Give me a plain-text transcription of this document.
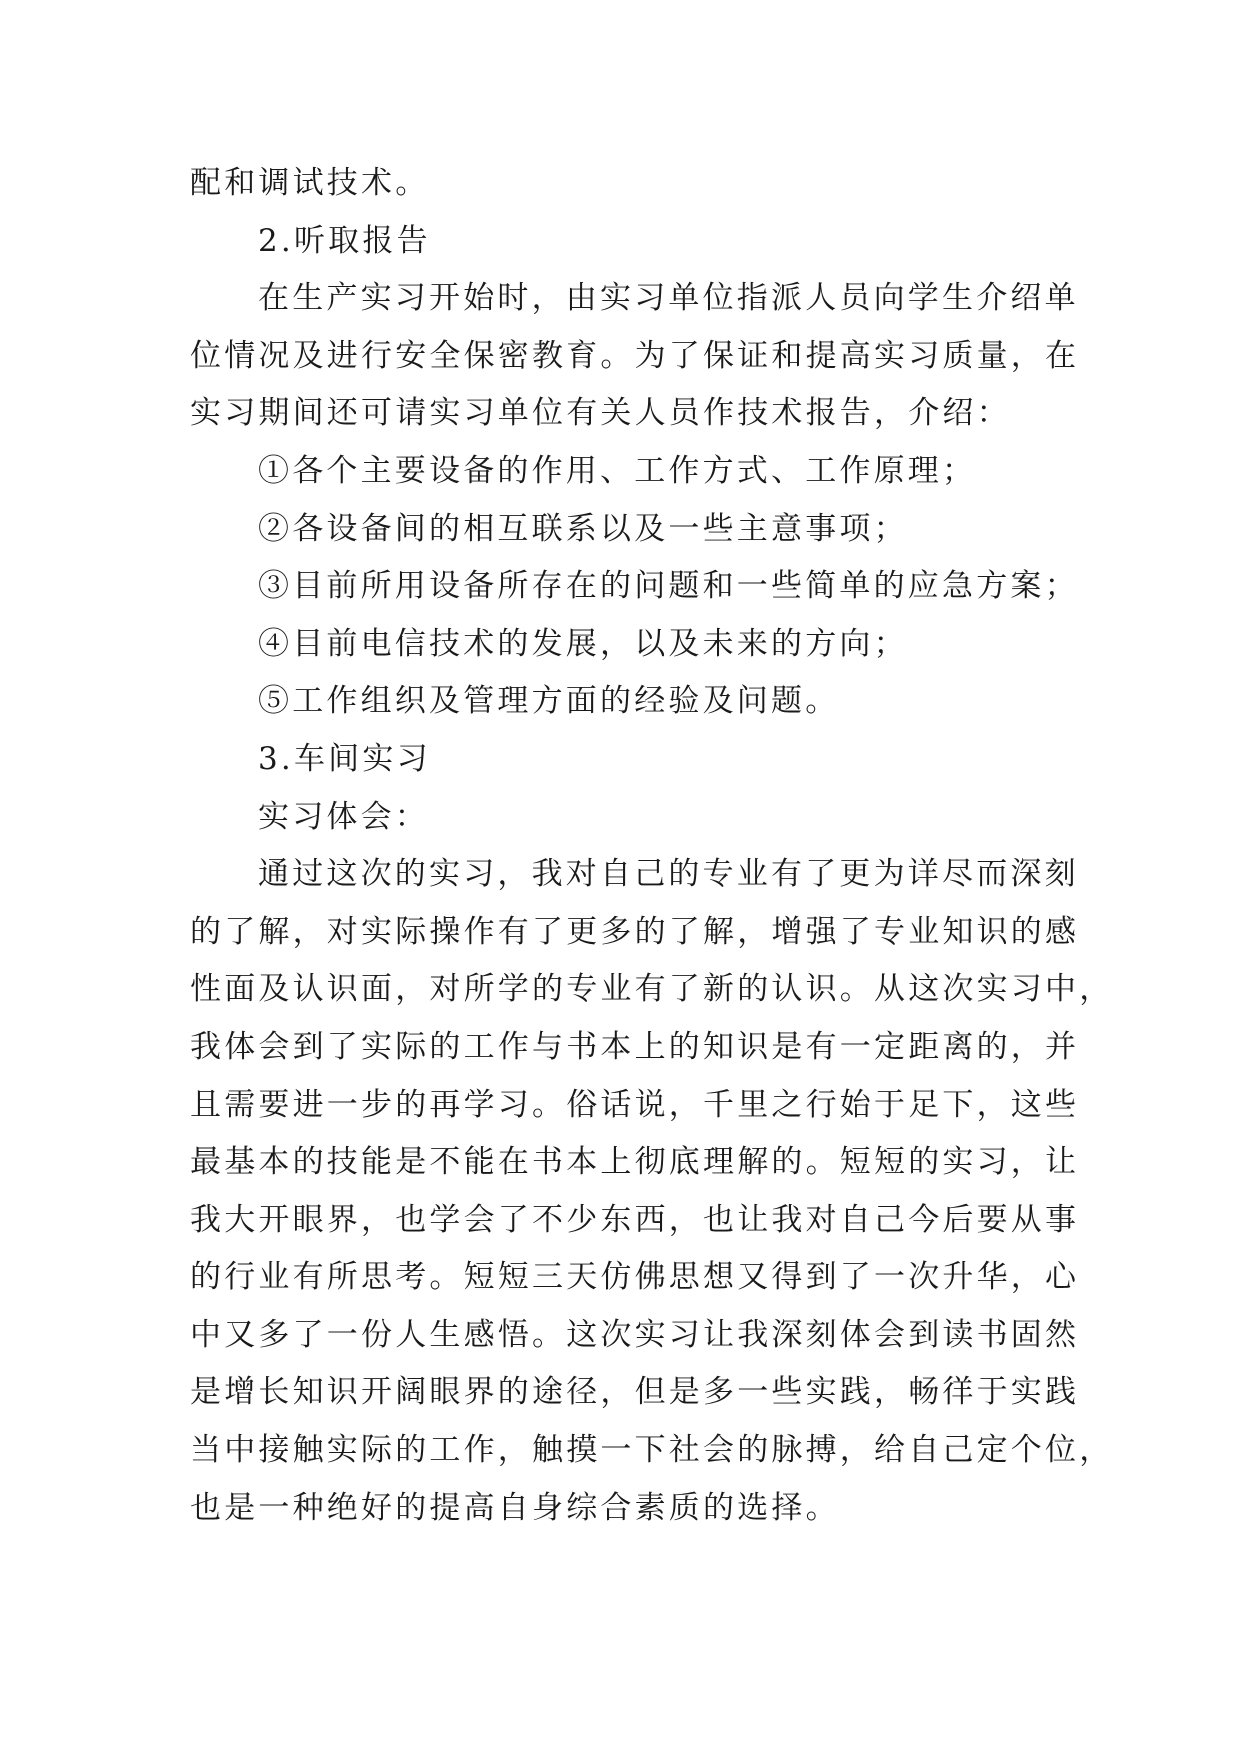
配和调试技术。
2.听取报告
在生产实习开始时，由实习单位指派人员向学生介绍单
位情况及进行安全保密教育。为了保证和提高实习质量，在
实习期间还可请实习单位有关人员作技术报告，介绍：
①各个主要设备的作用、工作方式、工作原理；
②各设备间的相互联系以及一些主意事项；
③目前所用设备所存在的问题和一些简单的应急方案；
④目前电信技术的发展，以及未来的方向；
⑤工作组织及管理方面的经验及问题。
3.车间实习
实习体会：
通过这次的实习，我对自己的专业有了更为详尽而深刻
的了解，对实际操作有了更多的了解，增强了专业知识的感
性面及认识面，对所学的专业有了新的认识。从这次实习中，
我体会到了实际的工作与书本上的知识是有一定距离的，并
且需要进一步的再学习。俗话说，千里之行始于足下，这些
最基本的技能是不能在书本上彻底理解的。短短的实习，让
我大开眼界，也学会了不少东西，也让我对自己今后要从事
的行业有所思考。短短三天仿佛思想又得到了一次升华，心
中又多了一份人生感悟。这次实习让我深刻体会到读书固然
是增长知识开阔眼界的途径，但是多一些实践，畅徉于实践
当中接触实际的工作，触摸一下社会的脉搏，给自己定个位，
也是一种绝好的提高自身综合素质的选择。
